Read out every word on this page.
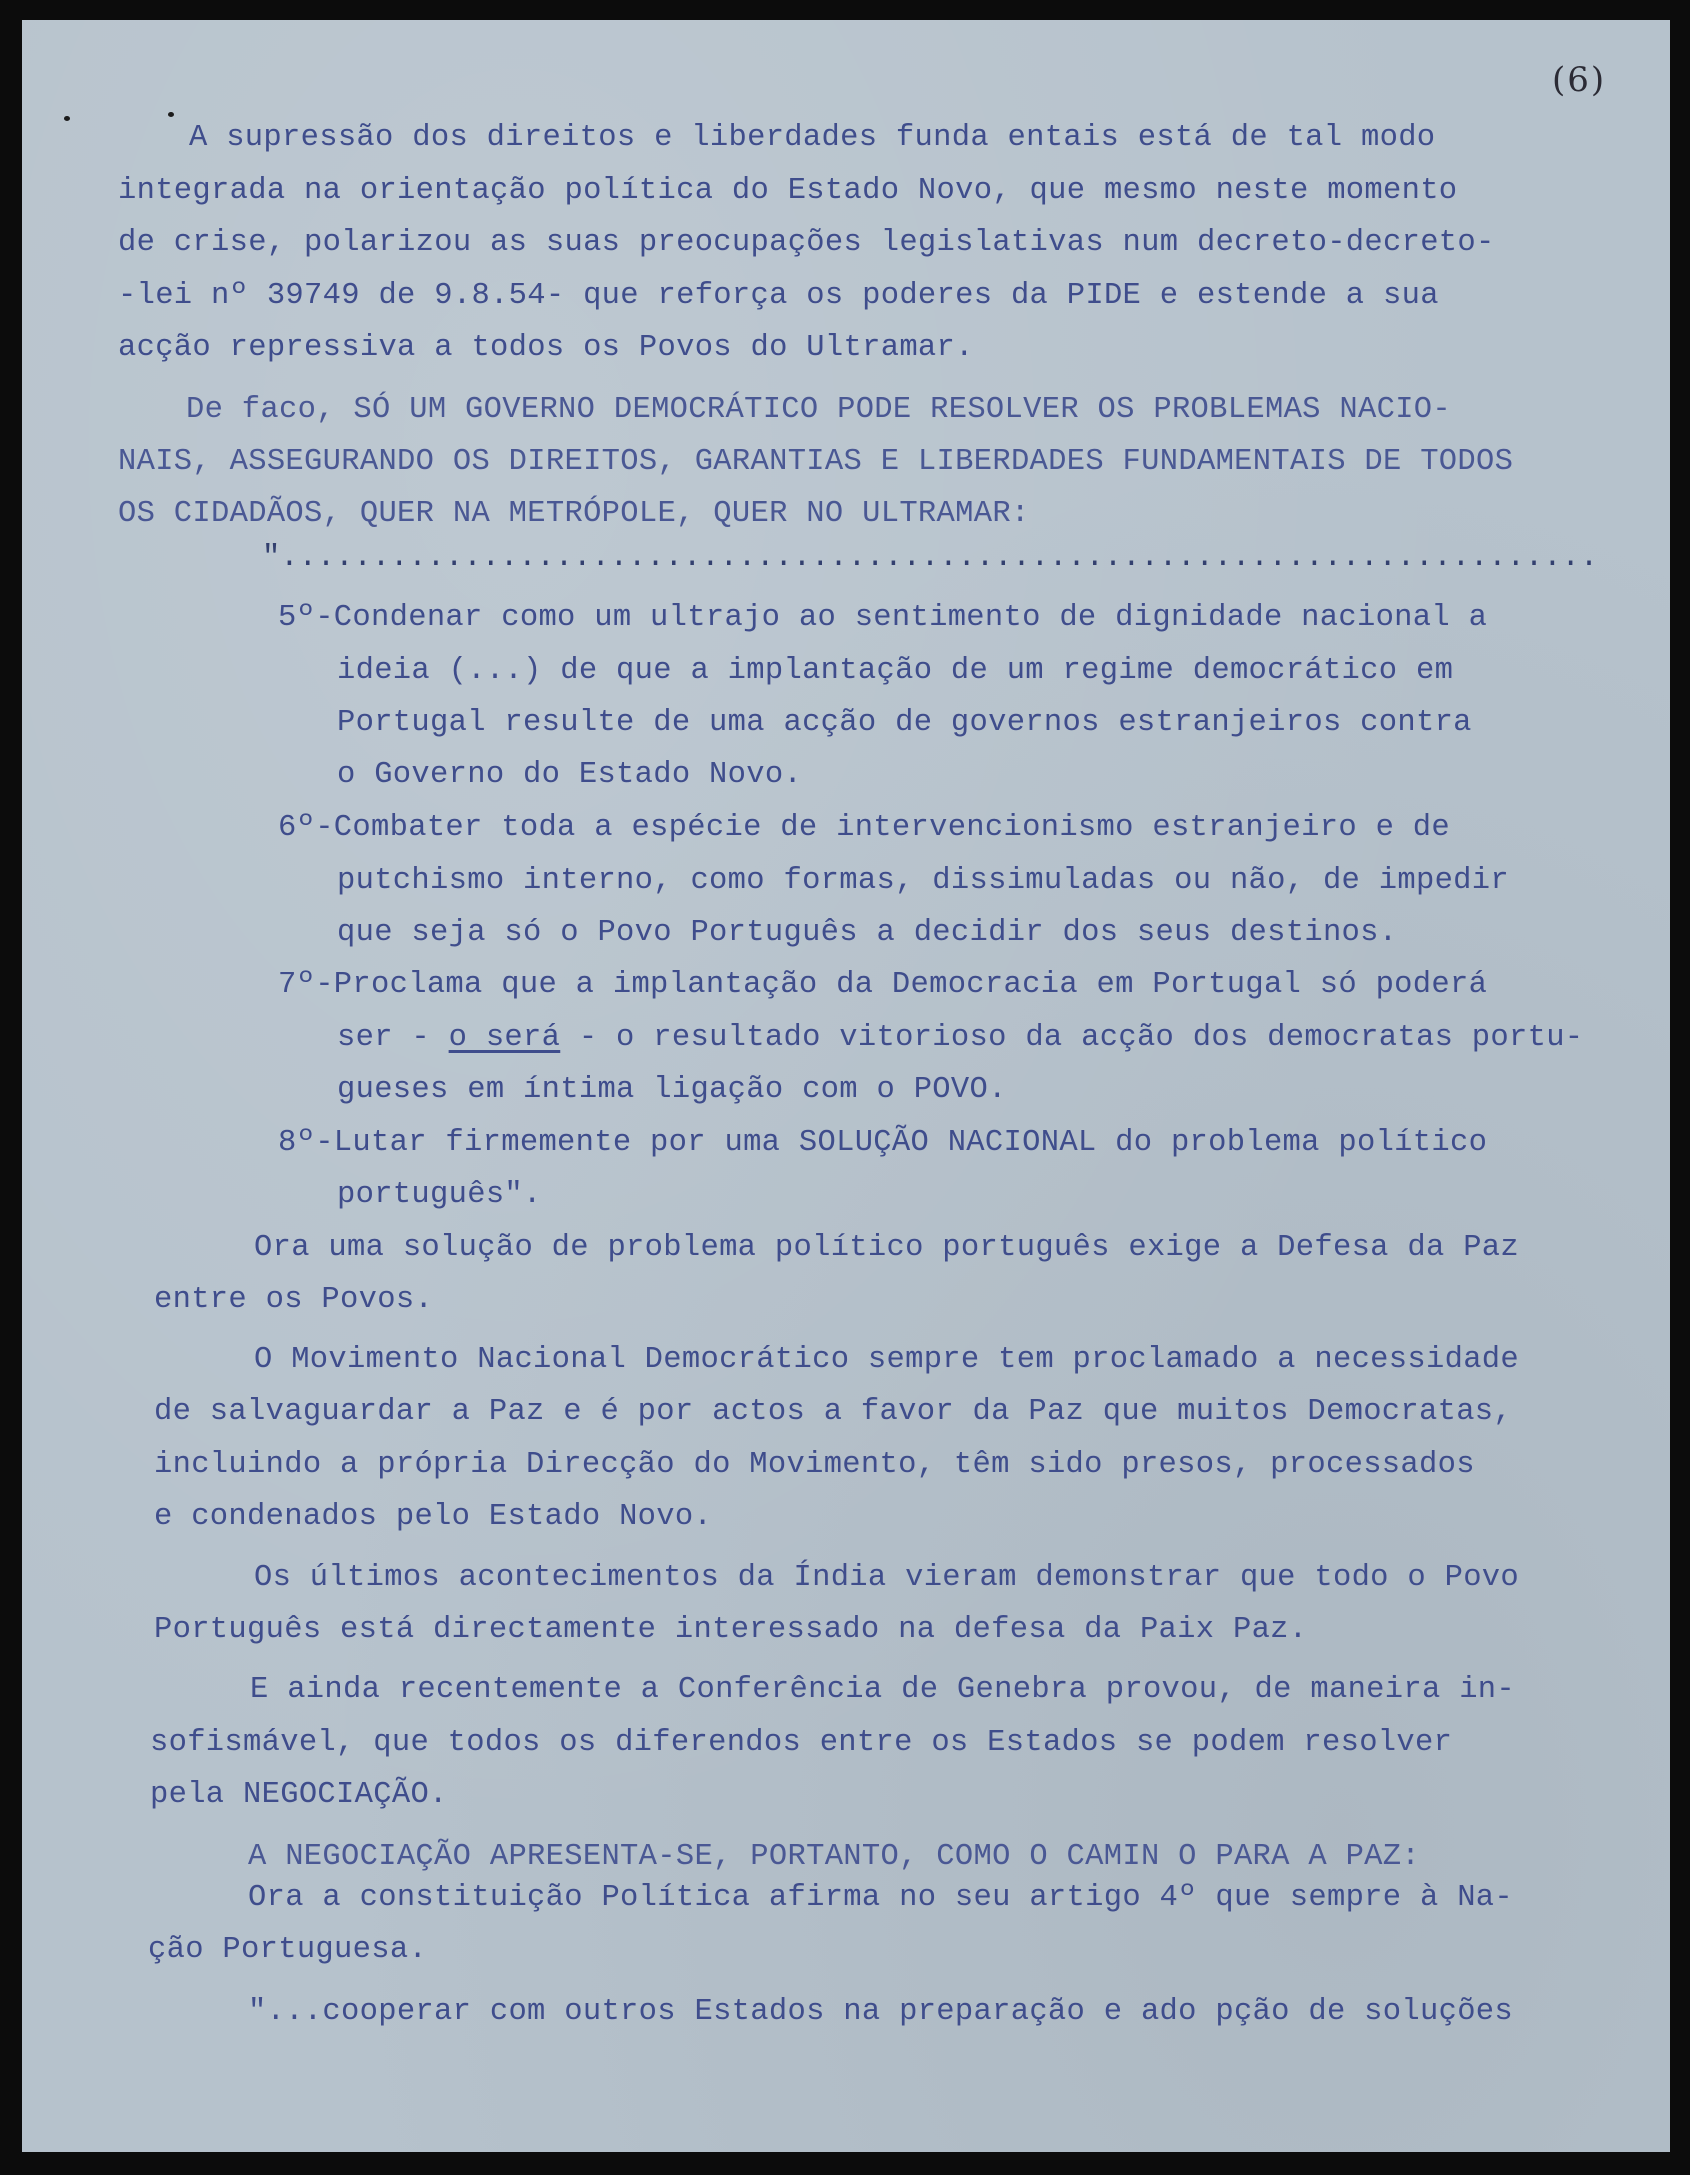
(6)
A supressão dos direitos e liberdades funda entais está de tal modo
integrada na orientação política do Estado Novo, que mesmo neste momento
de crise, polarizou as suas preocupações legislativas num decreto-decreto-
-lei nº 39749 de 9.8.54- que reforça os poderes da PIDE e estende a sua
acção repressiva a todos os Povos do Ultramar.
De faco, SÓ UM GOVERNO DEMOCRÁTICO PODE RESOLVER OS PROBLEMAS NACIO-
NAIS, ASSEGURANDO OS DIREITOS, GARANTIAS E LIBERDADES FUNDAMENTAIS DE TODOS
OS CIDADÃOS, QUER NA METRÓPOLE, QUER NO ULTRAMAR:
"........................................................................
5º-Condenar como um ultrajo ao sentimento de dignidade nacional a
ideia (...) de que a implantação de um regime democrático em
Portugal resulte de uma acção de governos estranjeiros contra
o Governo do Estado Novo.
6º-Combater toda a espécie de intervencionismo estranjeiro e de
putchismo interno, como formas, dissimuladas ou não, de impedir
que seja só o Povo Português a decidir dos seus destinos.
7º-Proclama que a implantação da Democracia em Portugal só poderá
ser - o será - o resultado vitorioso da acção dos democratas portu-
gueses em íntima ligação com o POVO.
8º-Lutar firmemente por uma SOLUÇÃO NACIONAL do problema político
português".
Ora uma solução de problema político português exige a Defesa da Paz
entre os Povos.
O Movimento Nacional Democrático sempre tem proclamado a necessidade
de salvaguardar a Paz e é por actos a favor da Paz que muitos Democratas,
incluindo a própria Direcção do Movimento, têm sido presos, processados
e condenados pelo Estado Novo.
Os últimos acontecimentos da Índia vieram demonstrar que todo o Povo
Português está directamente interessado na defesa da Paix Paz.
E ainda recentemente a Conferência de Genebra provou, de maneira in-
sofismável, que todos os diferendos entre os Estados se podem resolver
pela NEGOCIAÇÃO.
A NEGOCIAÇÃO APRESENTA-SE, PORTANTO, COMO O CAMIN O PARA A PAZ:
Ora a constituição Política afirma no seu artigo 4º que sempre à Na-
ção Portuguesa.
"...cooperar com outros Estados na preparação e ado pção de soluções
